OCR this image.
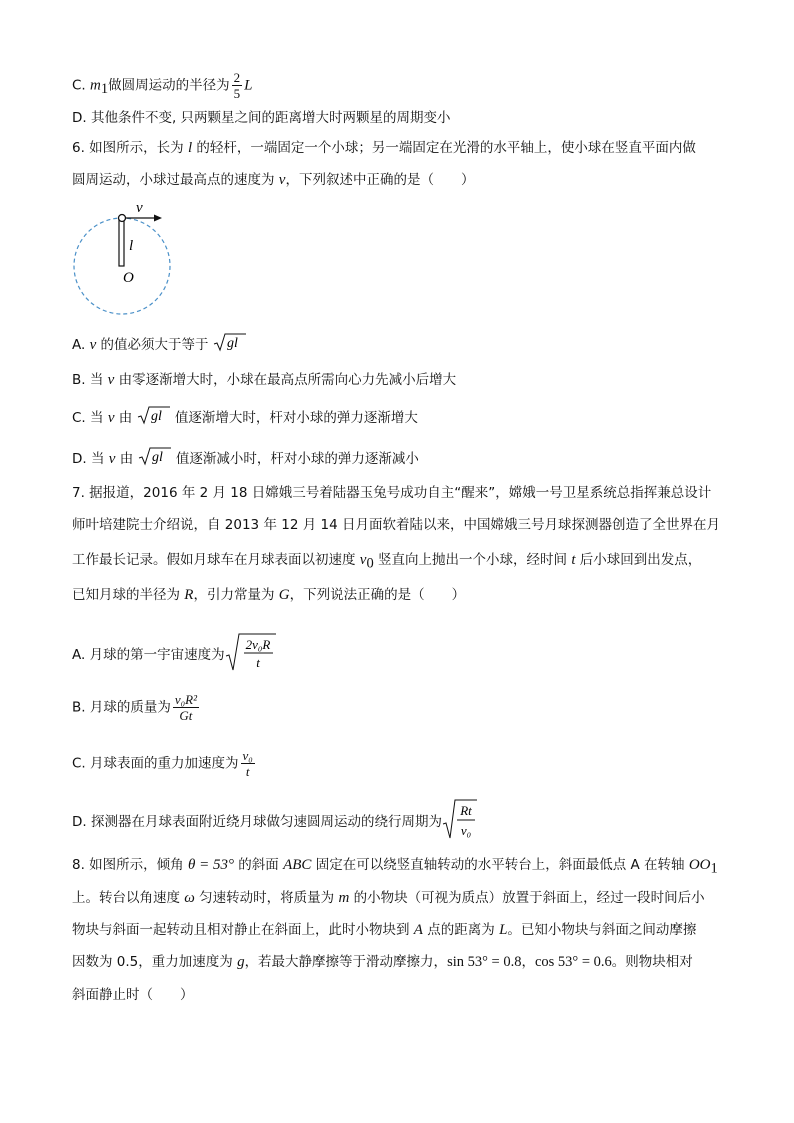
C. $m_1$做圆周运动的半径为 $\frac{2}{5}$ L
D. 其他条件不变, 只两颗星之间的距离增大时两颗星的周期变小
6. 如图所示，长为 l 的轻杆，一端固定一个小球；另一端固定在光滑的水平轴上，使小球在竖直平面内做
圆周运动，小球过最高点的速度为 v，下列叙述中正确的是（　　）
v
l
O
A. v 的值必须大于等于 gl
B. 当 v 由零逐渐增大时，小球在最高点所需向心力先减小后增大
C. 当 v 由 gl 值逐渐增大时，杆对小球的弹力逐渐增大
D. 当 v 由 gl 值逐渐减小时，杆对小球的弹力逐渐减小
7. 据报道，2016 年 2 月 18 日嫦娥三号着陆器玉兔号成功自主“醒来”，嫦娥一号卫星系统总指挥兼总设计
师叶培建院士介绍说，自 2013 年 12 月 14 日月面软着陆以来，中国嫦娥三号月球探测器创造了全世界在月
工作最长记录。假如月球车在月球表面以初速度 $v_0$ 竖直向上抛出一个小球，经时间 t 后小球回到出发点，
已知月球的半径为 R，引力常量为 G，下列说法正确的是（　　）
A. 月球的第一宇宙速度为
2v₀R
t
B. 月球的质量为 $\frac{\text{v₀R²}}{Gt}$
C. 月球表面的重力加速度为 $\frac{\text{v₀}}{t}$
D. 探测器在月球表面附近绕月球做匀速圆周运动的绕行周期为
Rt
v₀
8. 如图所示，倾角 θ = 53° 的斜面 ABC 固定在可以绕竖直轴转动的水平转台上，斜面最低点 A 在转轴 $OO_1$
上。转台以角速度 ω 匀速转动时，将质量为 m 的小物块（可视为质点）放置于斜面上，经过一段时间后小
物块与斜面一起转动且相对静止在斜面上，此时小物块到 A 点的距离为 L。已知小物块与斜面之间动摩擦
因数为 0.5，重力加速度为 g，若最大静摩擦等于滑动摩擦力，sin 53° = 0.8，cos 53° = 0.6。则物块相对
斜面静止时（　　）
